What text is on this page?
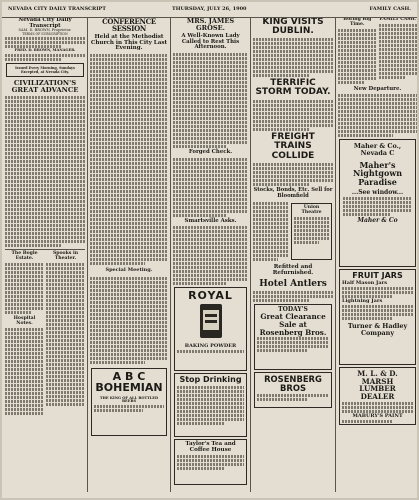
NEVADA CITY DAILY TRANSCRIPT	THURSDAY, JULY 26, 1900	FAMILY CASH.
Nevada City Daily Transcript
SAM. D. BROWN, Proprietor.
TERMS OF SUBSCRIPTION
FRED. D. BROWN, MANAGER.
Issued Every Morning, Sundays Excepted, at Nevada City.
CIVILIZATION'S GREAT ADVANCE
The Bogle Estate.
Hospital Notes.
Spooks in Theater.
CONFERENCE SESSION
Held at the Methodist Church in This City Last Evening.
Special Meeting.
A B C BOHEMIAN
THE KING OF ALL BOTTLED BEERS
MRS. JAMES GROSE.
A Well-Known Lady Called to Rest This Afternoon.
Forged Check.
Smartsville Asks.
ROYAL
BAKING POWDER
Stop Drinking
Taylor's Tea and Coffee House
KING VISITS DUBLIN.
TERRIFIC STORM TODAY.
FREIGHT TRAINS COLLIDE
Stocks, Bonds, Etc. Sell for Bloomfield
Union Theatre
Refitted and Refurnished.
Hotel Antlers
TODAY'S
Great Clearance Sale at
Rosenberg Bros.
ROSENBERG BROS
Boring Big Time.
FAMILY CASH.
New Departure.
Maher & Co., Nevada C
Maher's Nightgown Paradise
...See window...
Maher & Co
FRUIT JARS
Half Mason Jars
Lightning Jars
Turner & Hadley Company
M. L. & D. MARSH
LUMBER DEALER
MABURY'S PAINT
